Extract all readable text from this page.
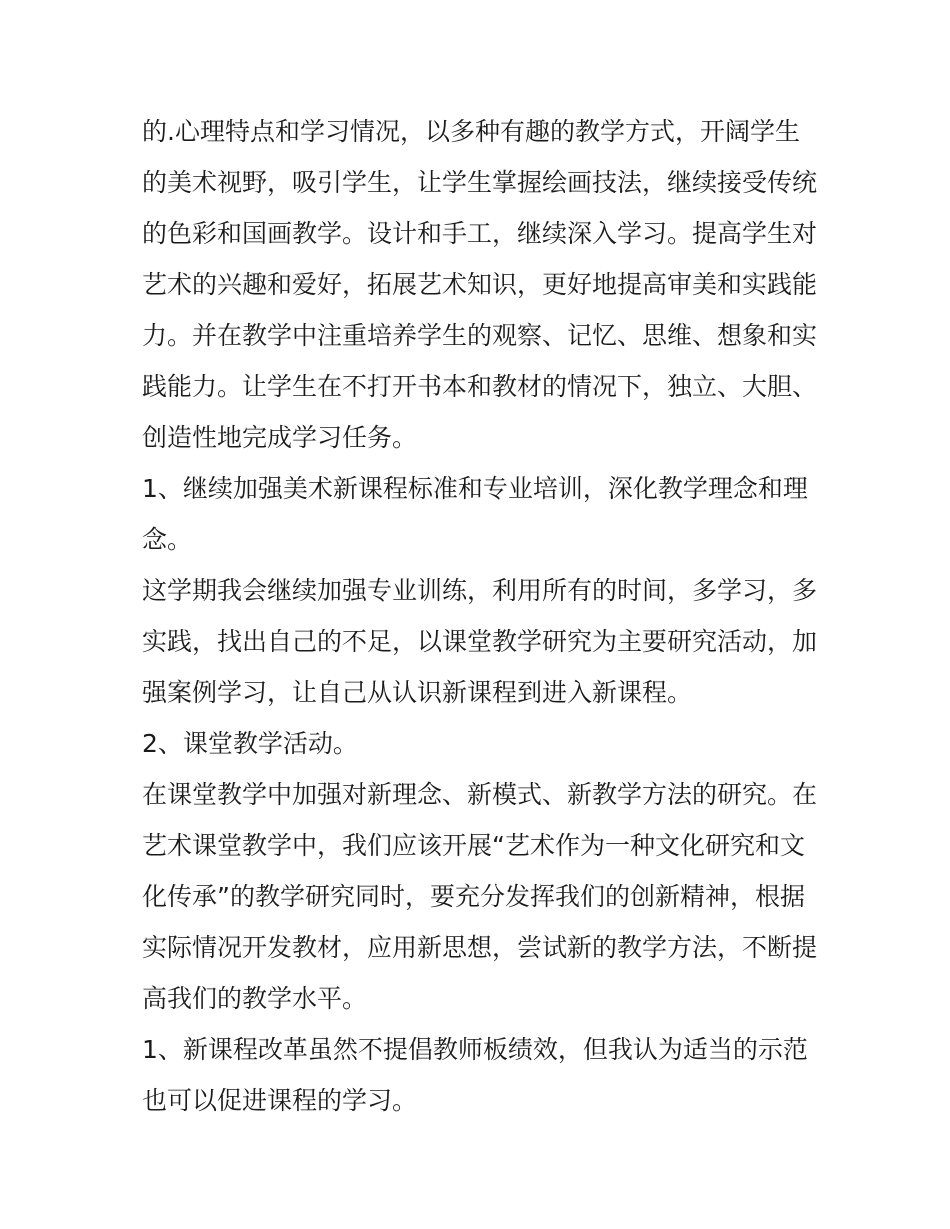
的.心理特点和学习情况，以多种有趣的教学方式，开阔学生的美术视野，吸引学生，让学生掌握绘画技法，继续接受传统的色彩和国画教学。设计和手工，继续深入学习。提高学生对艺术的兴趣和爱好，拓展艺术知识，更好地提高审美和实践能力。并在教学中注重培养学生的观察、记忆、思维、想象和实践能力。让学生在不打开书本和教材的情况下，独立、大胆、创造性地完成学习任务。

1、继续加强美术新课程标准和专业培训，深化教学理念和理念。

这学期我会继续加强专业训练，利用所有的时间，多学习，多实践，找出自己的不足，以课堂教学研究为主要研究活动，加强案例学习，让自己从认识新课程到进入新课程。

2、课堂教学活动。

在课堂教学中加强对新理念、新模式、新教学方法的研究。在艺术课堂教学中，我们应该开展“艺术作为一种文化研究和文化传承”的教学研究同时，要充分发挥我们的创新精神，根据实际情况开发教材，应用新思想，尝试新的教学方法，不断提高我们的教学水平。

1、新课程改革虽然不提倡教师板绩效，但我认为适当的示范也可以促进课程的学习。
